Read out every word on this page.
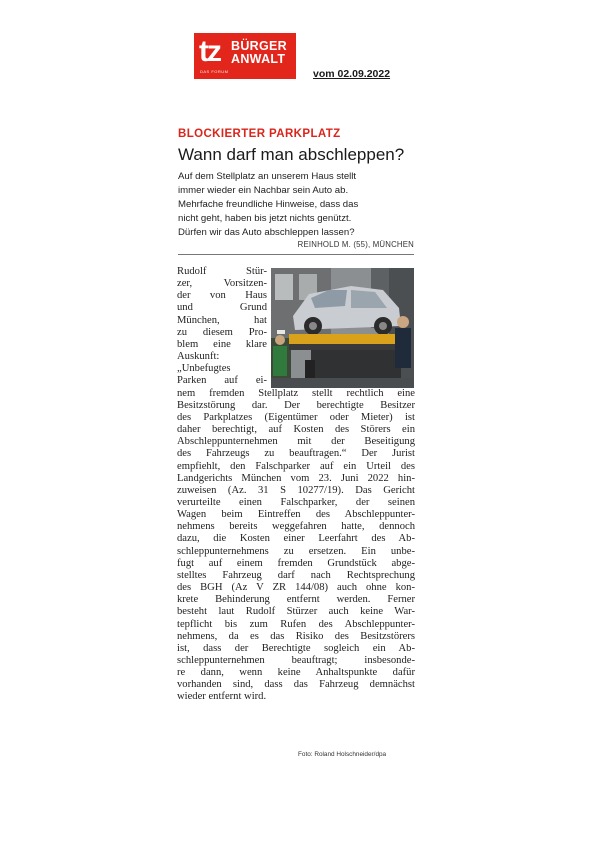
tz BÜRGER
ANWALT
DAS FORUM	vom 02.09.2022
BLOCKIERTER PARKPLATZ
Wann darf man abschleppen?
Auf dem Stellplatz an unserem Haus stellt
immer wieder ein Nachbar sein Auto ab.
Mehrfache freundliche Hinweise, dass das
nicht geht, haben bis jetzt nichts genützt.
Dürfen wir das Auto abschleppen lassen?
REINHOLD M. (55), MÜNCHEN
Rudolf Stür-
zer, Vorsitzen-
der von Haus
und Grund
München, hat
zu diesem Pro-
blem eine klare
Auskunft:
„Unbefugtes
Parken auf ei-
nem fremden Stellplatz stellt rechtlich eine
Besitzstörung dar. Der berechtigte Besitzer
des Parkplatzes (Eigentümer oder Mieter) ist
daher berechtigt, auf Kosten des Störers ein
Abschleppunternehmen mit der Beseitigung
des Fahrzeugs zu beauftragen.“ Der Jurist
empfiehlt, den Falschparker auf ein Urteil des
Landgerichts München vom 23. Juni 2022 hin-
zuweisen (Az. 31 S 10277/19). Das Gericht
verurteilte einen Falschparker, der seinen
Wagen beim Eintreffen des Abschleppunter-
nehmens bereits weggefahren hatte, dennoch
dazu, die Kosten einer Leerfahrt des Ab-
schleppunternehmens zu ersetzen. Ein unbe-
fugt auf einem fremden Grundstück abge-
stelltes Fahrzeug darf nach Rechtsprechung
des BGH (Az V ZR 144/08) auch ohne kon-
krete Behinderung entfernt werden. Ferner
besteht laut Rudolf Stürzer auch keine War-
tepflicht bis zum Rufen des Abschleppunter-
nehmens, da es das Risiko des Besitzstörers
ist, dass der Berechtigte sogleich ein Ab-
schleppunternehmen beauftragt; insbesonde-
re dann, wenn keine Anhaltspunkte dafür
vorhanden sind, dass das Fahrzeug demnächst
wieder entfernt wird.
Foto: Roland Holschneider/dpa
